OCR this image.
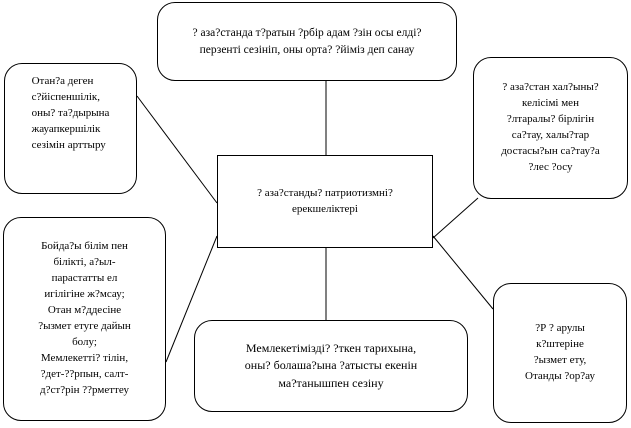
? аза?станды? патриотизмні?
ерекшеліктері
? аза?станда т?ратын ?рбір адам ?зін осы елді?
перзенті сезініп, оны орта? ?йіміз деп санау
Отан?а деген
с?йіспеншілік,
оны? та?дырына
жауапкершілік
сезімін арттыру
Бойда?ы білім пен
білікті, а?ыл-
парастатты ел
игілігіне ж?мсау;
Отан м?ддесіне
?ызмет етуге дайын
болу;
Мемлекетті? тілін,
?дет-??рпын, салт-
д?ст?рін ??рметтеу
? аза?стан хал?ыны?
келісімі мен
?лтаралы? бірлігін
са?тау, халы?тар
достасы?ын са?тау?а
?лес ?осу
?Р ? арулы
к?штеріне
?ызмет ету,
Отанды ?ор?ау
Мемлекетімізді? ?ткен тарихына,
оны? болаша?ына ?атысты екенін
ма?танышпен сезіну
